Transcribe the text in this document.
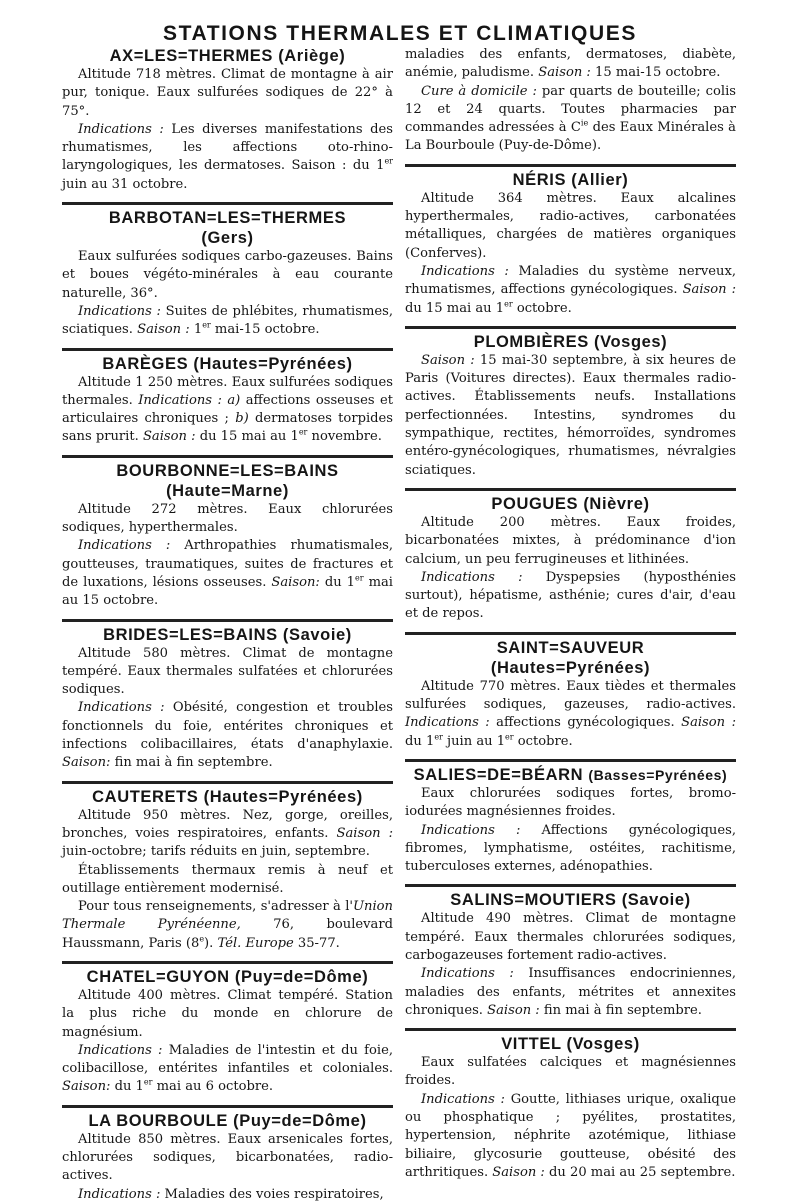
STATIONS THERMALES ET CLIMATIQUES
AX=LES=THERMES (Ariège)

Altitude 718 mètres. Climat de montagne à air pur, tonique. Eaux sulfurées sodiques de 22° à 75°.

Indications : Les diverses manifestations des rhumatismes, les affections oto-rhino-laryngologiques, les dermatoses. Saison : du 1er juin au 31 octobre.

BARBOTAN=LES=THERMES
(Gers)

Eaux sulfurées sodiques carbo-gazeuses. Bains et boues végéto-minérales à eau courante naturelle, 36°.

Indications : Suites de phlébites, rhumatismes, sciatiques. Saison : 1er mai-15 octobre.

BARÈGES (Hautes=Pyrénées)

Altitude 1 250 mètres. Eaux sulfurées sodiques thermales. Indications : a) affections osseuses et articulaires chroniques ; b) dermatoses torpides sans prurit. Saison : du 15 mai au 1er novembre.

BOURBONNE=LES=BAINS
(Haute=Marne)

Altitude 272 mètres. Eaux chlorurées sodiques, hyperthermales.

Indications : Arthropathies rhumatismales, goutteuses, traumatiques, suites de fractures et de luxations, lésions osseuses. Saison: du 1er mai au 15 octobre.

BRIDES=LES=BAINS (Savoie)

Altitude 580 mètres. Climat de montagne tempéré. Eaux thermales sulfatées et chlorurées sodiques.

Indications : Obésité, congestion et troubles fonctionnels du foie, entérites chroniques et infections colibacillaires, états d'anaphylaxie. Saison: fin mai à fin septembre.

CAUTERETS (Hautes=Pyrénées)

Altitude 950 mètres. Nez, gorge, oreilles, bronches, voies respiratoires, enfants. Saison : juin-octobre; tarifs réduits en juin, septembre.

Établissements thermaux remis à neuf et outillage entièrement modernisé.

Pour tous renseignements, s'adresser à l'Union Thermale Pyrénéenne, 76, boulevard Haussmann, Paris (8e). Tél. Europe 35-77.

CHATEL=GUYON (Puy=de=Dôme)

Altitude 400 mètres. Climat tempéré. Station la plus riche du monde en chlorure de magnésium.

Indications : Maladies de l'intestin et du foie, colibacillose, entérites infantiles et coloniales. Saison: du 1er mai au 6 octobre.

LA BOURBOULE (Puy=de=Dôme)

Altitude 850 mètres. Eaux arsenicales fortes, chlorurées sodiques, bicarbonatées, radio-actives.

Indications : Maladies des voies respiratoires,

maladies des enfants, dermatoses, diabète, anémie, paludisme. Saison : 15 mai-15 octobre.

Cure à domicile : par quarts de bouteille; colis 12 et 24 quarts. Toutes pharmacies par commandes adressées à $C^{ie}$ des Eaux Minérales à La Bourboule (Puy-de-Dôme).

NÉRIS (Allier)

Altitude 364 mètres. Eaux alcalines hyperthermales, radio-actives, carbonatées métalliques, chargées de matières organiques (Conferves).

Indications : Maladies du système nerveux, rhumatismes, affections gynécologiques. Saison : du 15 mai au 1er octobre.

PLOMBIÈRES (Vosges)

Saison : 15 mai-30 septembre, à six heures de Paris (Voitures directes). Eaux thermales radio-actives. Établissements neufs. Installations perfectionnées. Intestins, syndromes du sympathique, rectites, hémorroïdes, syndromes entéro-gynécologiques, rhumatismes, névralgies sciatiques.

POUGUES (Nièvre)

Altitude 200 mètres. Eaux froides, bicarbonatées mixtes, à prédominance d'ion calcium, un peu ferrugineuses et lithinées.

Indications : Dyspepsies (hyposthénies surtout), hépatisme, asthénie; cures d'air, d'eau et de repos.

SAINT=SAUVEUR
(Hautes=Pyrénées)

Altitude 770 mètres. Eaux tièdes et thermales sulfurées sodiques, gazeuses, radio-actives. Indications : affections gynécologiques. Saison : du 1er juin au 1er octobre.

SALIES=DE=BÉARN (Basses=Pyrénées)

Eaux chlorurées sodiques fortes, bromo-iodurées magnésiennes froides.

Indications : Affections gynécologiques, fibromes, lymphatisme, ostéites, rachitisme, tuberculoses externes, adénopathies.

SALINS=MOUTIERS (Savoie)

Altitude 490 mètres. Climat de montagne tempéré. Eaux thermales chlorurées sodiques, carbogazeuses fortement radio-actives.

Indications : Insuffisances endocriniennes, maladies des enfants, métrites et annexites chroniques. Saison : fin mai à fin septembre.

VITTEL (Vosges)

Eaux sulfatées calciques et magnésiennes froides.

Indications : Goutte, lithiases urique, oxalique ou phosphatique ; pyélites, prostatites, hypertension, néphrite azotémique, lithiase biliaire, glycosurie goutteuse, obésité des arthritiques. Saison : du 20 mai au 25 septembre.
